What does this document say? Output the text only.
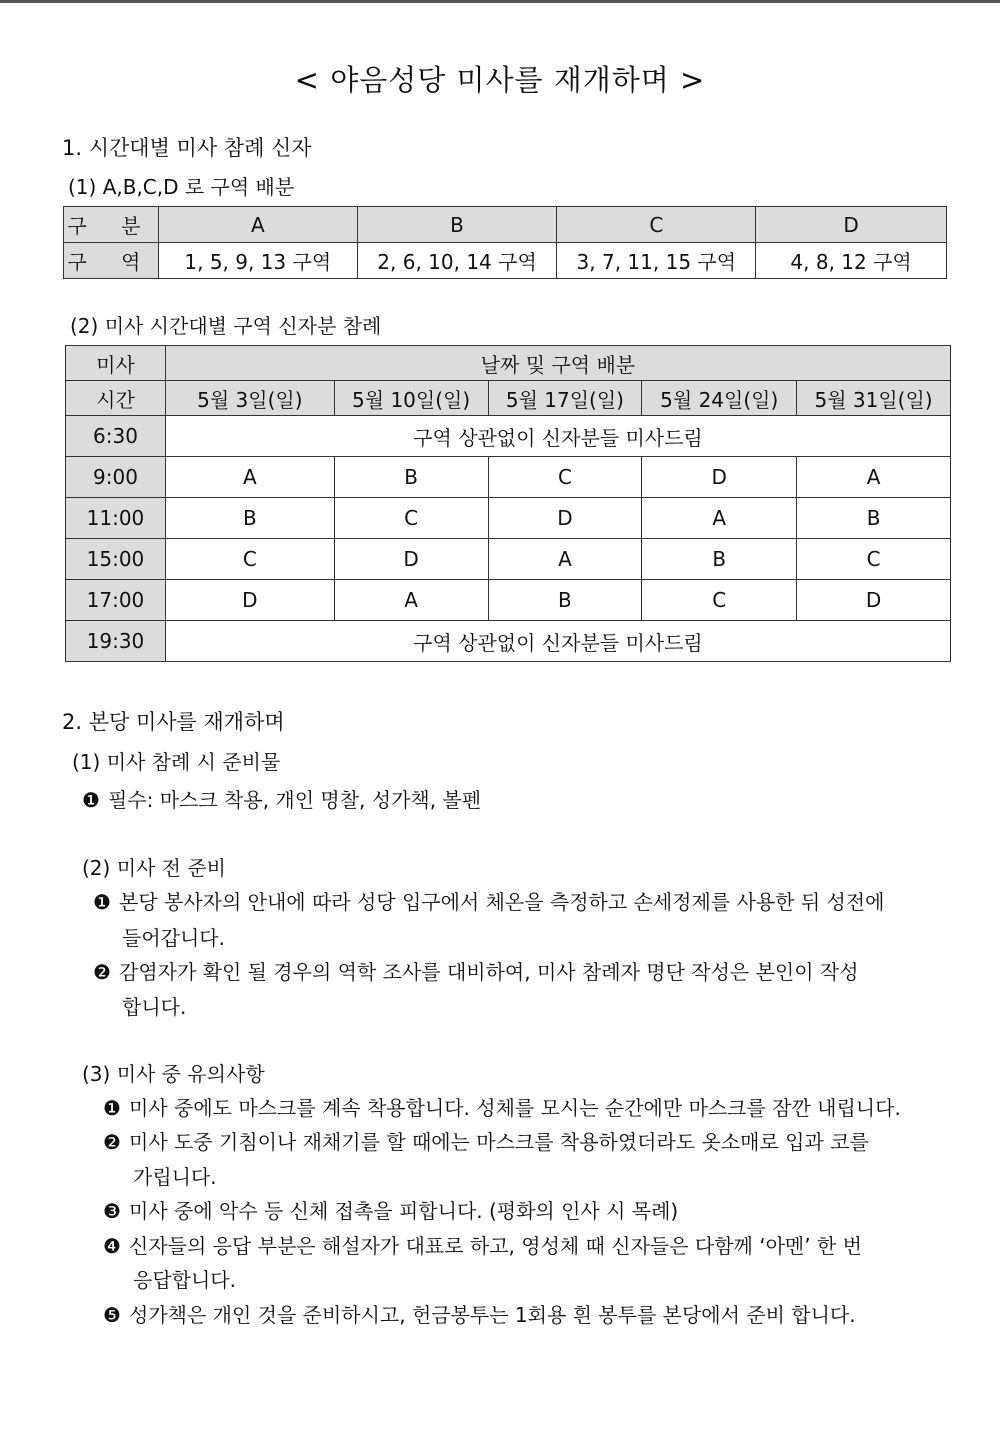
< 야음성당 미사를 재개하며 >
1. 시간대별 미사 참례 신자
(1) A,B,C,D 로 구역 배분
구 분	A	B	C	D
구 역	1, 5, 9, 13 구역	2, 6, 10, 14 구역	3, 7, 11, 15 구역	4, 8, 12 구역
(2) 미사 시간대별 구역 신자분 참례
미사	날짜 및 구역 배분				
시간	5월 3일(일)	5월 10일(일)	5월 17일(일)	5월 24일(일)	5월 31일(일)
6:30	구역 상관없이 신자분들 미사드림				
9:00	A	B	C	D	A
11:00	B	C	D	A	B
15:00	C	D	A	B	C
17:00	D	A	B	C	D
19:30	구역 상관없이 신자분들 미사드림				
2. 본당 미사를 재개하며
(1) 미사 참례 시 준비물
❶ 필수: 마스크 착용, 개인 명찰, 성가책, 볼펜
(2) 미사 전 준비
❶ 본당 봉사자의 안내에 따라 성당 입구에서 체온을 측정하고 손세정제를 사용한 뒤 성전에
들어갑니다.
❷ 감염자가 확인 될 경우의 역학 조사를 대비하여, 미사 참례자 명단 작성은 본인이 작성
합니다.
(3) 미사 중 유의사항
❶ 미사 중에도 마스크를 계속 착용합니다. 성체를 모시는 순간에만 마스크를 잠깐 내립니다.
❷ 미사 도중 기침이나 재채기를 할 때에는 마스크를 착용하였더라도 옷소매로 입과 코를
가립니다.
❸ 미사 중에 악수 등 신체 접촉을 피합니다. (평화의 인사 시 목례)
❹ 신자들의 응답 부분은 해설자가 대표로 하고, 영성체 때 신자들은 다함께 ‘아멘’ 한 번
응답합니다.
❺ 성가책은 개인 것을 준비하시고, 헌금봉투는 1회용 흰 봉투를 본당에서 준비 합니다.
